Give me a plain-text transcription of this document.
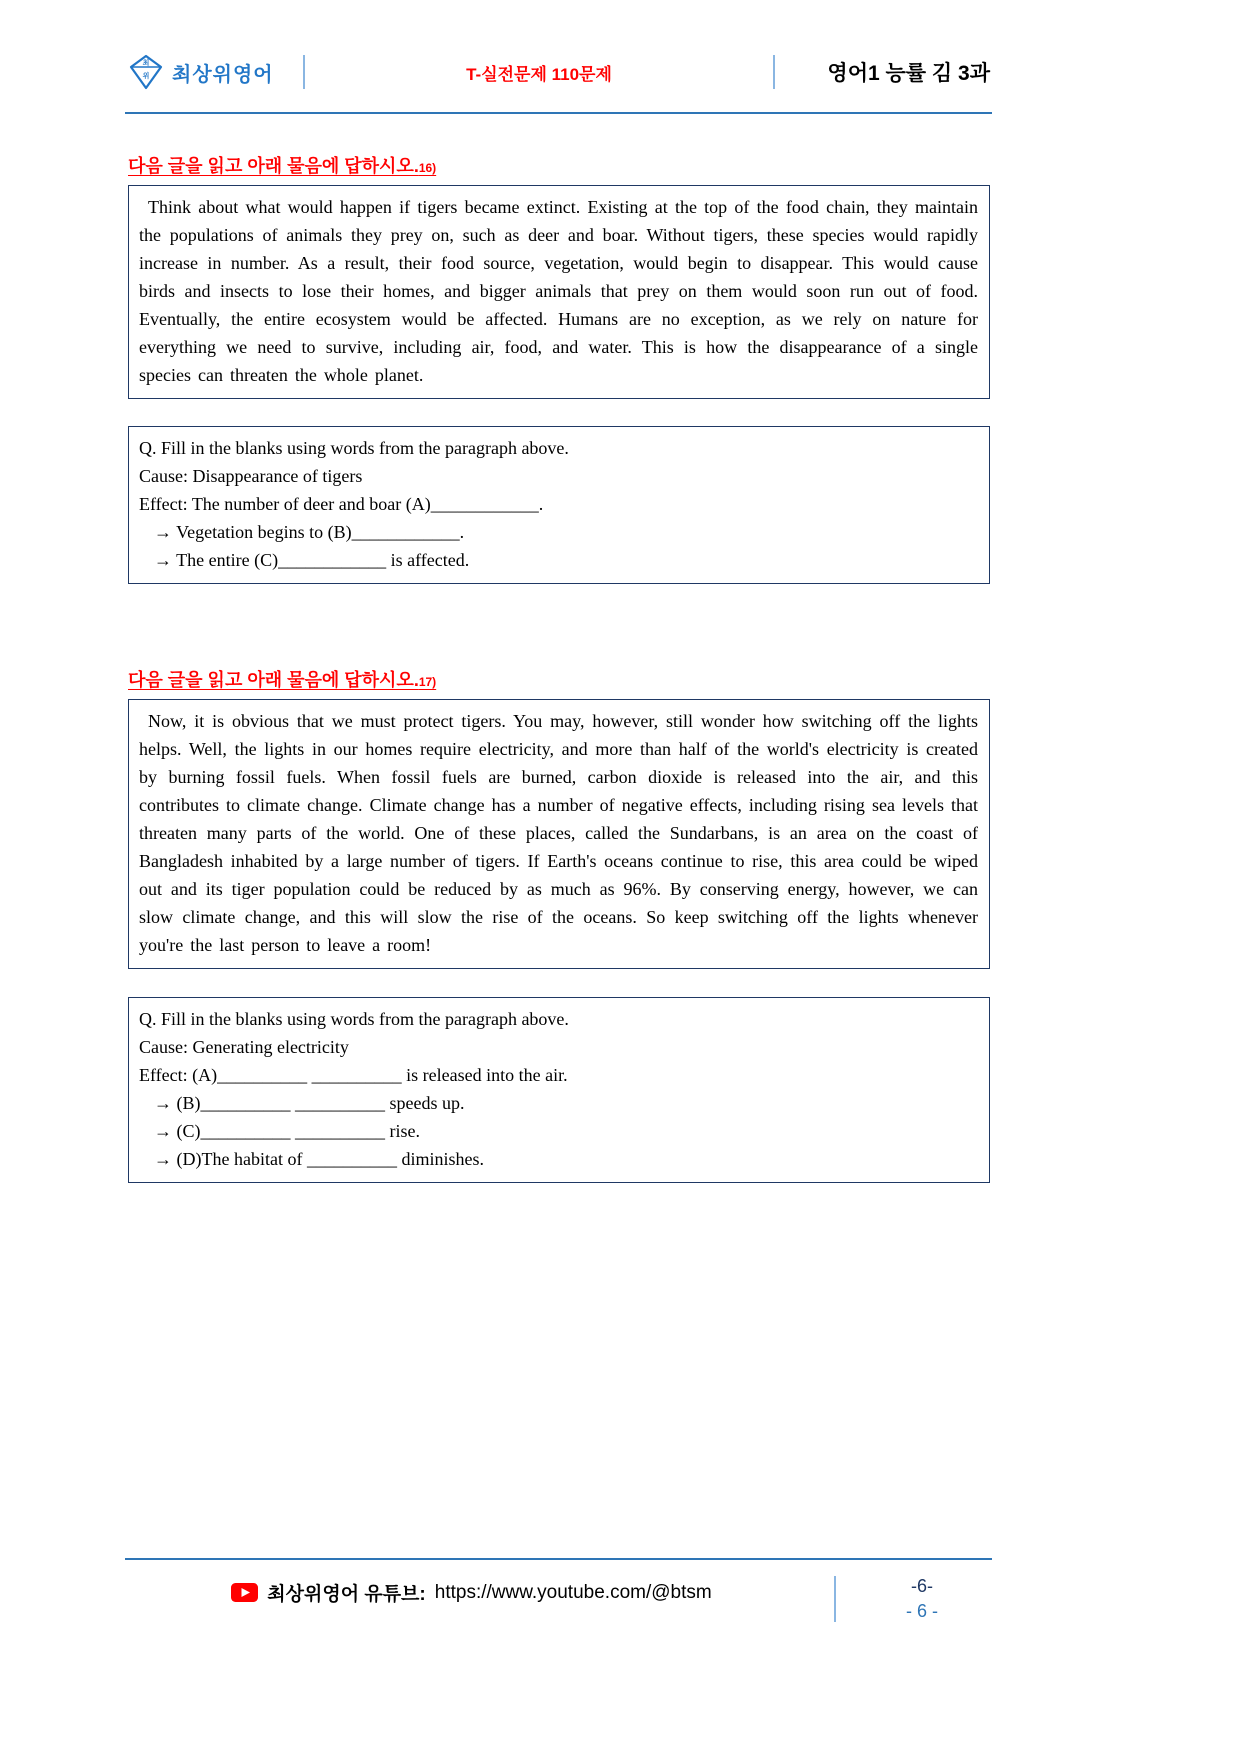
최
위 최상위영어	T-실전문제 110문제	영어1 능률 김 3과
다음 글을 읽고 아래 물음에 답하시오.16)
Think about what would happen if tigers became extinct. Existing at the top of the food chain, they maintain the populations of animals they prey on, such as deer and boar. Without tigers, these species would rapidly increase in number. As a result, their food source, vegetation, would begin to disappear. This would cause birds and insects to lose their homes, and bigger animals that prey on them would soon run out of food. Eventually, the entire ecosystem would be affected. Humans are no exception, as we rely on nature for everything we need to survive, including air, food, and water. This is how the disappearance of a single species can threaten the whole planet.
Q. Fill in the blanks using words from the paragraph above.
Cause: Disappearance of tigers
Effect: The number of deer and boar (A)____________.
→ Vegetation begins to (B)____________.
→ The entire (C)____________ is affected.
다음 글을 읽고 아래 물음에 답하시오.17)
Now, it is obvious that we must protect tigers. You may, however, still wonder how switching off the lights helps. Well, the lights in our homes require electricity, and more than half of the world's electricity is created by burning fossil fuels. When fossil fuels are burned, carbon dioxide is released into the air, and this contributes to climate change. Climate change has a number of negative effects, including rising sea levels that threaten many parts of the world. One of these places, called the Sundarbans, is an area on the coast of Bangladesh inhabited by a large number of tigers. If Earth's oceans continue to rise, this area could be wiped out and its tiger population could be reduced by as much as 96%. By conserving energy, however, we can slow climate change, and this will slow the rise of the oceans. So keep switching off the lights whenever you're the last person to leave a room!
Q. Fill in the blanks using words from the paragraph above.
Cause: Generating electricity
Effect: (A)__________ __________ is released into the air.
→ (B)__________ __________ speeds up.
→ (C)__________ __________ rise.
→ (D)The habitat of __________ diminishes.
최상위영어 유튜브: https://www.youtube.com/@btsm	-6-
- 6 -
